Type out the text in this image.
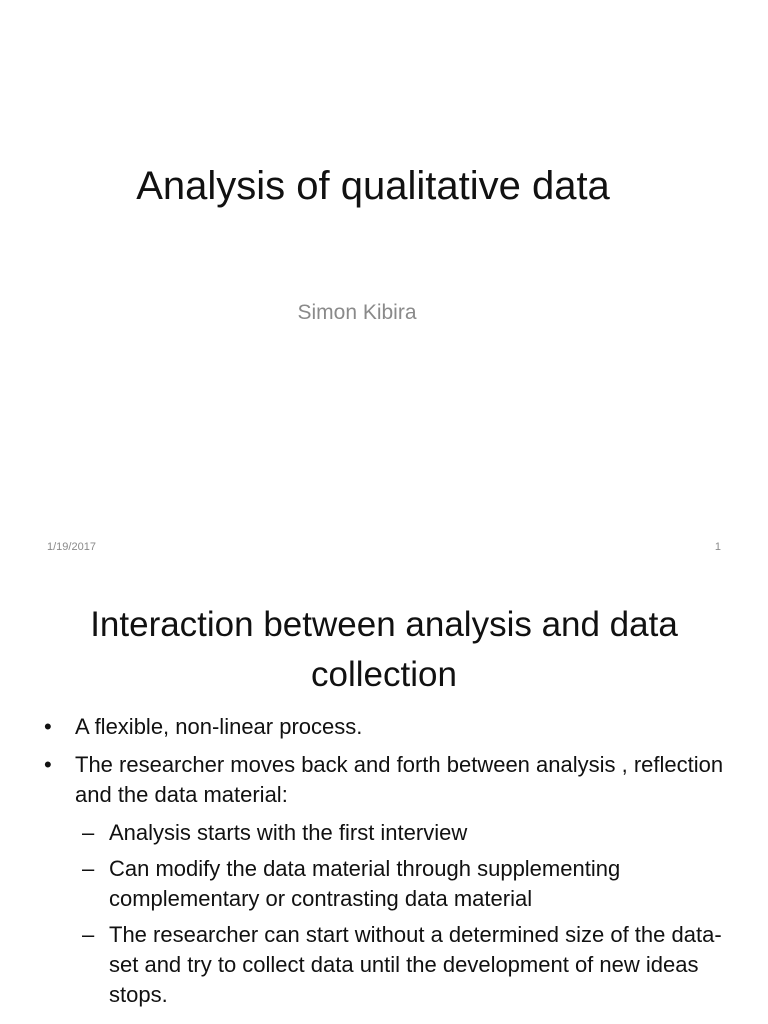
Analysis of qualitative data

Simon Kibira

1/19/2017	1
Interaction between analysis and data collection
• A flexible, non-linear process.
• The researcher moves back and forth between analysis , reflection and the data material:
– Analysis starts with the first interview
– Can modify the data material through supplementing complementary or contrasting data material
– The researcher can start without a determined size of the data-set and try to collect data until the development of new ideas stops.
